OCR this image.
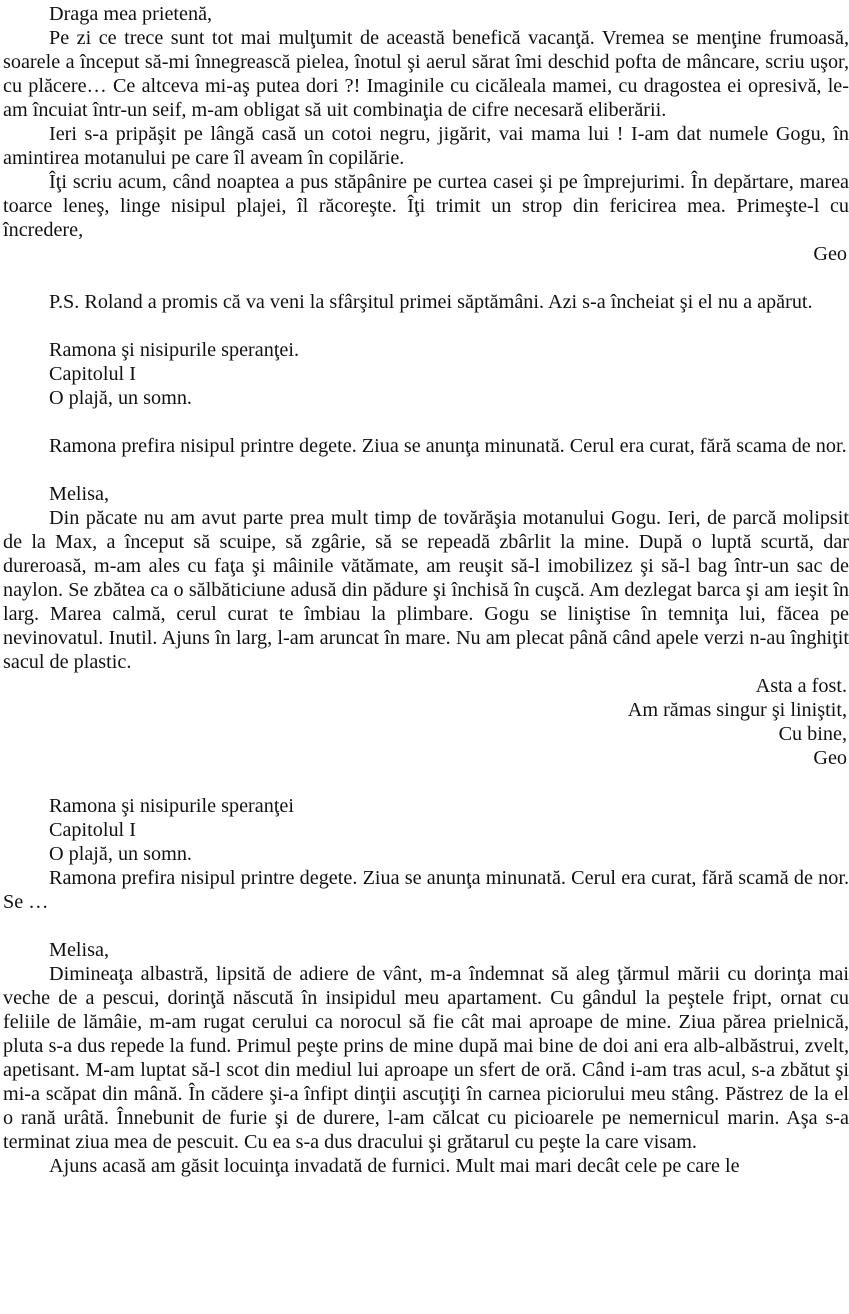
Draga mea prietenă,

Pe zi ce trece sunt tot mai mulţumit de această benefică vacanţă. Vremea se menţine frumoasă, soarele a început să-mi înnegrească pielea, înotul şi aerul sărat îmi deschid pofta de mâncare, scriu uşor, cu plăcere… Ce altceva mi-aş putea dori ?! Imaginile cu cicăleala mamei, cu dragostea ei opresivă, le-am încuiat într-un seif, m-am obligat să uit combinaţia de cifre necesară eliberării.

Ieri s-a pripăşit pe lângă casă un cotoi negru, jigărit, vai mama lui ! I-am dat numele Gogu, în amintirea motanului pe care îl aveam în copilărie.

Îţi scriu acum, când noaptea a pus stăpânire pe curtea casei şi pe împrejurimi. În depărtare, marea toarce leneş, linge nisipul plajei, îl răcoreşte. Îţi trimit un strop din fericirea mea. Primeşte-l cu încredere,

Geo

P.S. Roland a promis că va veni la sfârşitul primei săptămâni. Azi s-a încheiat şi el nu a apărut.

Ramona şi nisipurile speranţei.

Capitolul I

O plajă, un somn.

Ramona prefira nisipul printre degete. Ziua se anunţa minunată. Cerul era curat, fără scama de nor.

Melisa,

Din păcate nu am avut parte prea mult timp de tovărăşia motanului Gogu. Ieri, de parcă molipsit de la Max, a început să scuipe, să zgârie, să se repeadă zbârlit la mine. După o luptă scurtă, dar dureroasă, m-am ales cu faţa şi mâinile vătămate, am reuşit să-l imobilizez şi să-l bag într-un sac de naylon. Se zbătea ca o sălbăticiune adusă din pădure şi închisă în cuşcă. Am dezlegat barca şi am ieşit în larg. Marea calmă, cerul curat te îmbiau la plimbare. Gogu se liniştise în temniţa lui, făcea pe nevinovatul. Inutil. Ajuns în larg, l-am aruncat în mare. Nu am plecat până când apele verzi n-au înghiţit sacul de plastic.

Asta a fost.

Am rămas singur şi liniştit,

Cu bine,

Geo

Ramona şi nisipurile speranţei

Capitolul I

O plajă, un somn.

Ramona prefira nisipul printre degete. Ziua se anunţa minunată. Cerul era curat, fără scamă de nor. Se …

Melisa,

Dimineaţa albastră, lipsită de adiere de vânt, m-a îndemnat să aleg ţărmul mării cu dorinţa mai veche de a pescui, dorinţă născută în insipidul meu apartament. Cu gândul la peştele fript, ornat cu feliile de lămâie, m-am rugat cerului ca norocul să fie cât mai aproape de mine. Ziua părea prielnică, pluta s-a dus repede la fund. Primul peşte prins de mine după mai bine de doi ani era alb-albăstrui, zvelt, apetisant. M-am luptat să-l scot din mediul lui aproape un sfert de oră. Când i-am tras acul, s-a zbătut şi mi-a scăpat din mână. În cădere şi-a înfipt dinţii ascuţiţi în carnea piciorului meu stâng. Păstrez de la el o rană urâtă. Înnebunit de furie şi de durere, l-am călcat cu picioarele pe nemernicul marin. Aşa s-a terminat ziua mea de pescuit. Cu ea s-a dus dracului şi grătarul cu peşte la care visam.

Ajuns acasă am găsit locuinţa invadată de furnici. Mult mai mari decât cele pe care le
